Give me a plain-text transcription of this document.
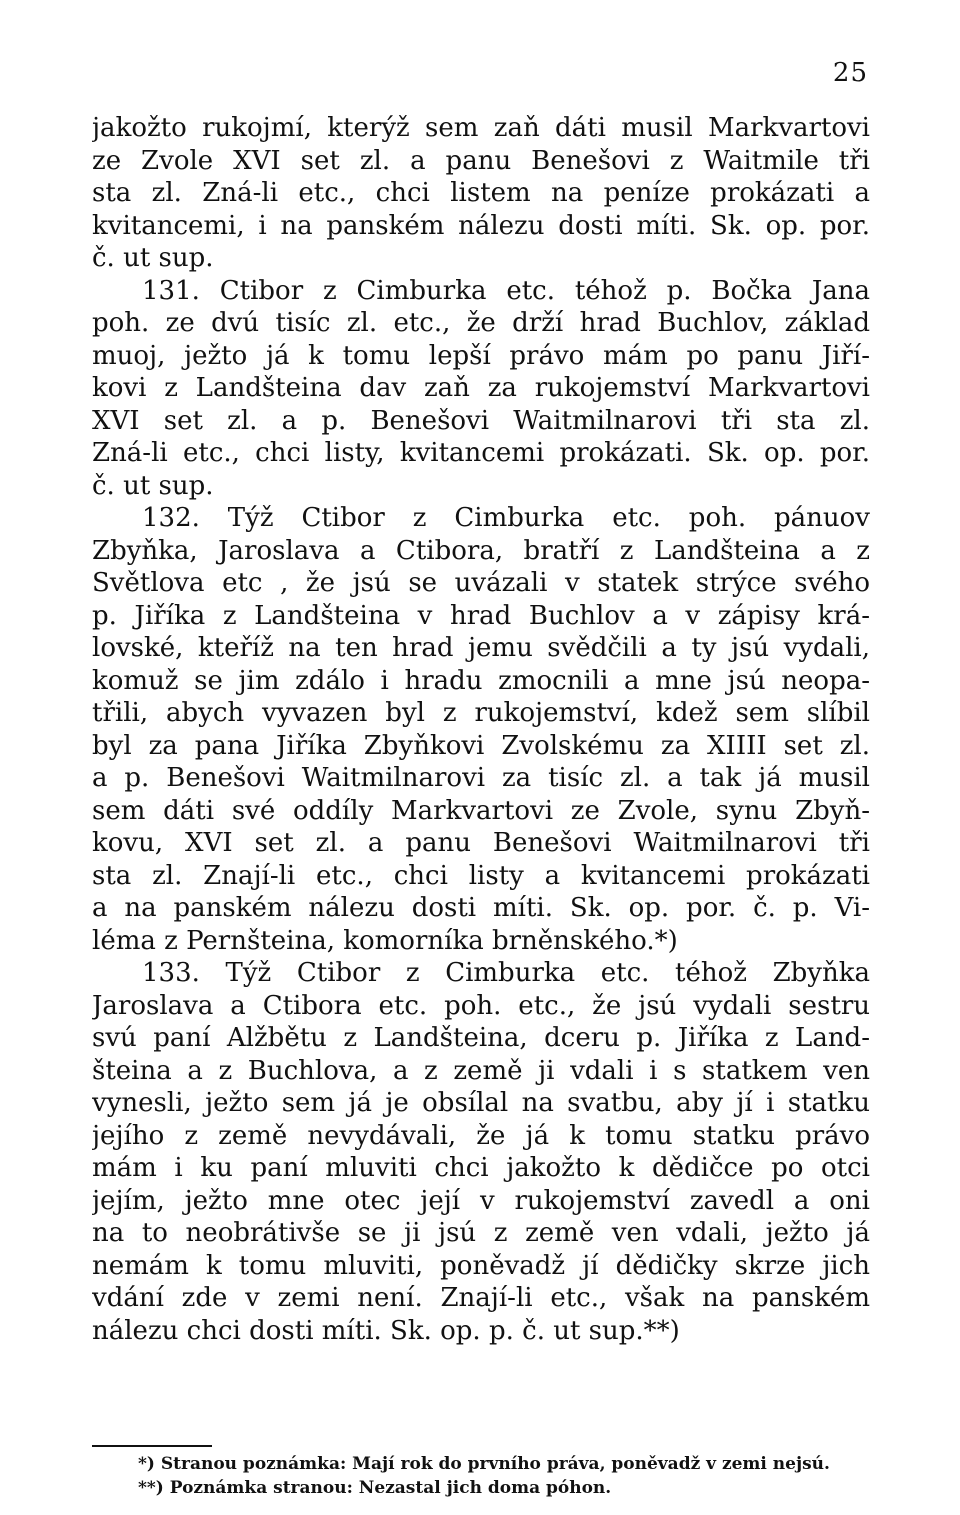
25
jakožto rukojmí, kterýž sem zaň dáti musil Markvartovi
ze Zvole XVI set zl. a panu Benešovi z Waitmile tři
sta zl. Zná-li etc., chci listem na peníze prokázati a
kvitancemi, i na panském nálezu dosti míti. Sk. op. por.
č. ut sup.
131. Ctibor z Cimburka etc. téhož p. Bočka Jana
poh. ze dvú tisíc zl. etc., že drží hrad Buchlov, základ
muoj, ježto já k tomu lepší právo mám po panu Jiří-
kovi z Landšteina dav zaň za rukojemství Markvartovi
XVI set zl. a p. Benešovi Waitmilnarovi tři sta zl.
Zná-li etc., chci listy, kvitancemi prokázati. Sk. op. por.
č. ut sup.
132. Týž Ctibor z Cimburka etc. poh. pánuov
Zbyňka, Jaroslava a Ctibora, bratří z Landšteina a z
Světlova etc , že jsú se uvázali v statek strýce svého
p. Jiříka z Landšteina v hrad Buchlov a v zápisy krá-
lovské, kteříž na ten hrad jemu svědčili a ty jsú vydali,
komuž se jim zdálo i hradu zmocnili a mne jsú neopa-
třili, abych vyvazen byl z rukojemství, kdež sem slíbil
byl za pana Jiříka Zbyňkovi Zvolskému za XIIII set zl.
a p. Benešovi Waitmilnarovi za tisíc zl. a tak já musil
sem dáti své oddíly Markvartovi ze Zvole, synu Zbyň-
kovu, XVI set zl. a panu Benešovi Waitmilnarovi tři
sta zl. Znají-li etc., chci listy a kvitancemi prokázati
a na panském nálezu dosti míti. Sk. op. por. č. p. Vi-
léma z Pernšteina, komorníka brněnského.*)
133. Týž Ctibor z Cimburka etc. téhož Zbyňka
Jaroslava a Ctibora etc. poh. etc., že jsú vydali sestru
svú paní Alžbětu z Landšteina, dceru p. Jiříka z Land-
šteina a z Buchlova, a z země ji vdali i s statkem ven
vynesli, ježto sem já je obsílal na svatbu, aby jí i statku
jejího z země nevydávali, že já k tomu statku právo
mám i ku paní mluviti chci jakožto k dědičce po otci
jejím, ježto mne otec její v rukojemství zavedl a oni
na to neobrátivše se ji jsú z země ven vdali, ježto já
nemám k tomu mluviti, poněvadž jí dědičky skrze jich
vdání zde v zemi není. Znají-li etc., však na panském
nálezu chci dosti míti. Sk. op. p. č. ut sup.**)
*) Stranou poznámka: Mají rok do prvního práva, poněvadž v zemi nejsú.
**) Poznámka stranou: Nezastal jich doma póhon.
